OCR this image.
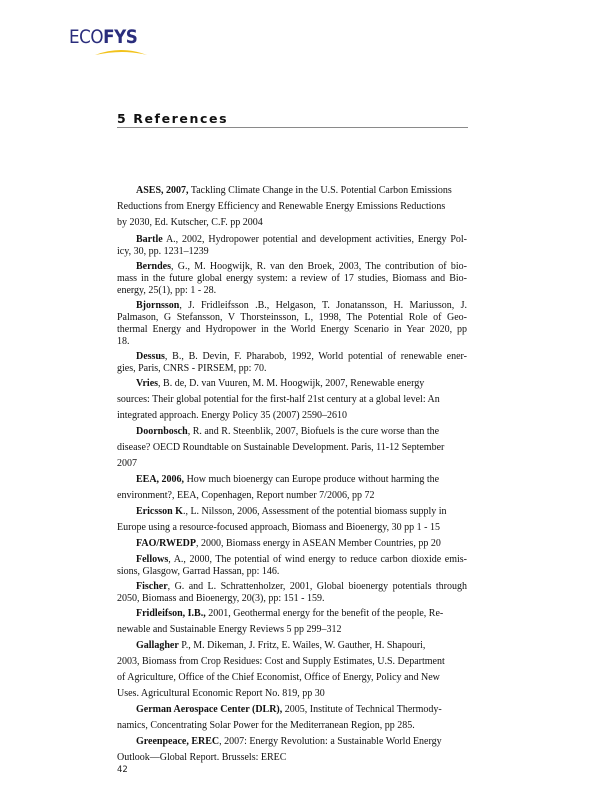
ECOFYS
5 References
ASES, 2007, Tackling Climate Change in the U.S. Potential Carbon Emissions
Reductions from Energy Efficiency and Renewable Energy Emissions Reductions
by 2030, Ed. Kutscher, C.F. pp 2004
Bartle A., 2002, Hydropower potential and development activities, Energy Pol-
icy, 30, pp. 1231–1239
Berndes, G., M. Hoogwijk, R. van den Broek, 2003, The contribution of bio-
mass in the future global energy system: a review of 17 studies, Biomass and Bio-
energy, 25(1), pp: 1 - 28.
Bjornsson, J. Fridleifsson .B., Helgason, T. Jonatansson, H. Mariusson, J.
Palmason, G Stefansson, V Thorsteinsson, L, 1998, The Potential Role of Geo-
thermal Energy and Hydropower in the World Energy Scenario in Year 2020, pp
18.
Dessus, B., B. Devin, F. Pharabob, 1992, World potential of renewable ener-
gies, Paris, CNRS - PIRSEM, pp: 70.
Vries, B. de, D. van Vuuren, M. M. Hoogwijk, 2007, Renewable energy
sources: Their global potential for the first-half 21st century at a global level: An
integrated approach. Energy Policy 35 (2007) 2590–2610
Doornbosch, R. and R. Steenblik, 2007, Biofuels is the cure worse than the
disease? OECD Roundtable on Sustainable Development. Paris, 11-12 September
2007
EEA, 2006, How much bioenergy can Europe produce without harming the
environment?, EEA, Copenhagen, Report number 7/2006, pp 72
Ericsson K., L. Nilsson, 2006, Assessment of the potential biomass supply in
Europe using a resource-focused approach, Biomass and Bioenergy, 30 pp 1 - 15
FAO/RWEDP, 2000, Biomass energy in ASEAN Member Countries, pp 20
Fellows, A., 2000, The potential of wind energy to reduce carbon dioxide emis-
sions, Glasgow, Garrad Hassan, pp: 146.
Fischer, G. and L. Schrattenholzer, 2001, Global bioenergy potentials through
2050, Biomass and Bioenergy, 20(3), pp: 151 - 159.
Fridleifson, I.B., 2001, Geothermal energy for the benefit of the people, Re-
newable and Sustainable Energy Reviews 5 pp 299–312
Gallagher P., M. Dikeman, J. Fritz, E. Wailes, W. Gauther, H. Shapouri,
2003, Biomass from Crop Residues: Cost and Supply Estimates, U.S. Department
of Agriculture, Office of the Chief Economist, Office of Energy, Policy and New
Uses. Agricultural Economic Report No. 819, pp 30
German Aerospace Center (DLR), 2005, Institute of Technical Thermody-
namics, Concentrating Solar Power for the Mediterranean Region, pp 285.
Greenpeace, EREC, 2007: Energy Revolution: a Sustainable World Energy
Outlook—Global Report. Brussels: EREC
42
